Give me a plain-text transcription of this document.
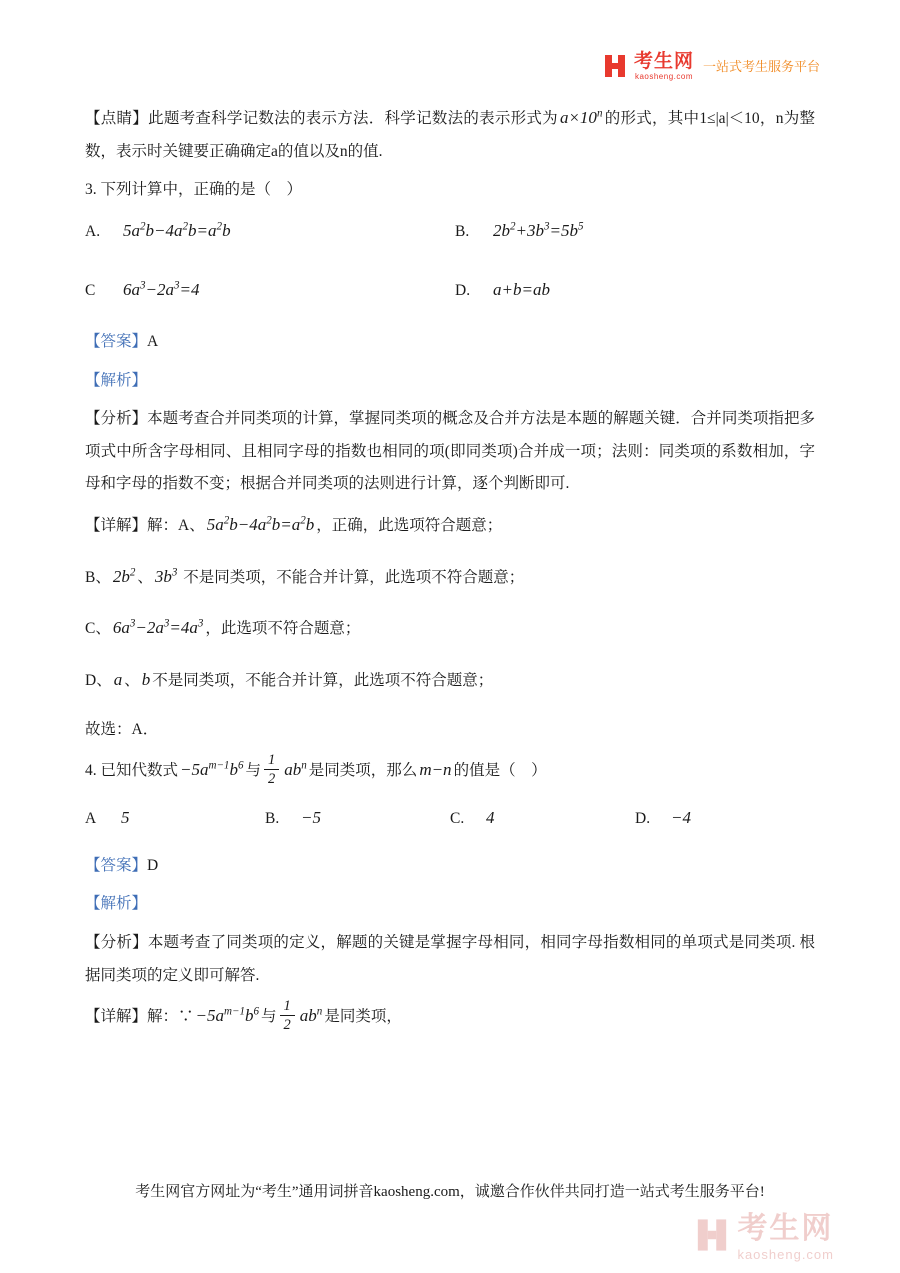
考生网
kaosheng.com
一站式考生服务平台

【点睛】此题考查科学记数法的表示方法．科学记数法的表示形式为 $a\times 10^n$ 的形式，其中1≤|a|＜10，n为整数，表示时关键要正确确定a的值以及n的值.

3. 下列计算中，正确的是（　）

A. $5a^2b-4a^2b=a^2b$	B. $2b^2+3b^3=5b^5$
C	$6a^3-2a^3=4$	D. a+b=ab

【答案】A

【解析】

【分析】本题考查合并同类项的计算，掌握同类项的概念及合并方法是本题的解题关键．合并同类项指把多项式中所含字母相同、且相同字母的指数也相同的项(即同类项)合并成一项；法则：同类项的系数相加，字母和字母的指数不变；根据合并同类项的法则进行计算，逐个判断即可.

【详解】解：A、 $5a^2b-4a^2b=a^2b$ ，正确，此选项符合题意；

B、 $2b^2$ 、 $3b^3$ 不是同类项，不能合并计算，此选项不符合题意；

C、 $6a^3-2a^3=4a^3$ ，此选项不符合题意；

D、 a 、 b 不是同类项，不能合并计算，此选项不符合题意；

故选：A．

4. 已知代数式 $-5a^{m-1}b^6$ 与 $\frac{1}{2} ab^n$ 是同类项，那么 m−n 的值是（　）

A	5	B. −5	C. 4	D. −4

【答案】D

【解析】

【分析】本题考查了同类项的定义，解题的关键是掌握字母相同，相同字母指数相同的单项式是同类项. 根据同类项的定义即可解答.

【详解】解：∵ $-5a^{m-1}b^6$ 与 $\frac{1}{2} ab^n$ 是同类项，

考生网官方网址为“考生”通用词拼音kaosheng.com，诚邀合作伙伴共同打造一站式考生服务平台!
考生网
kaosheng.com
